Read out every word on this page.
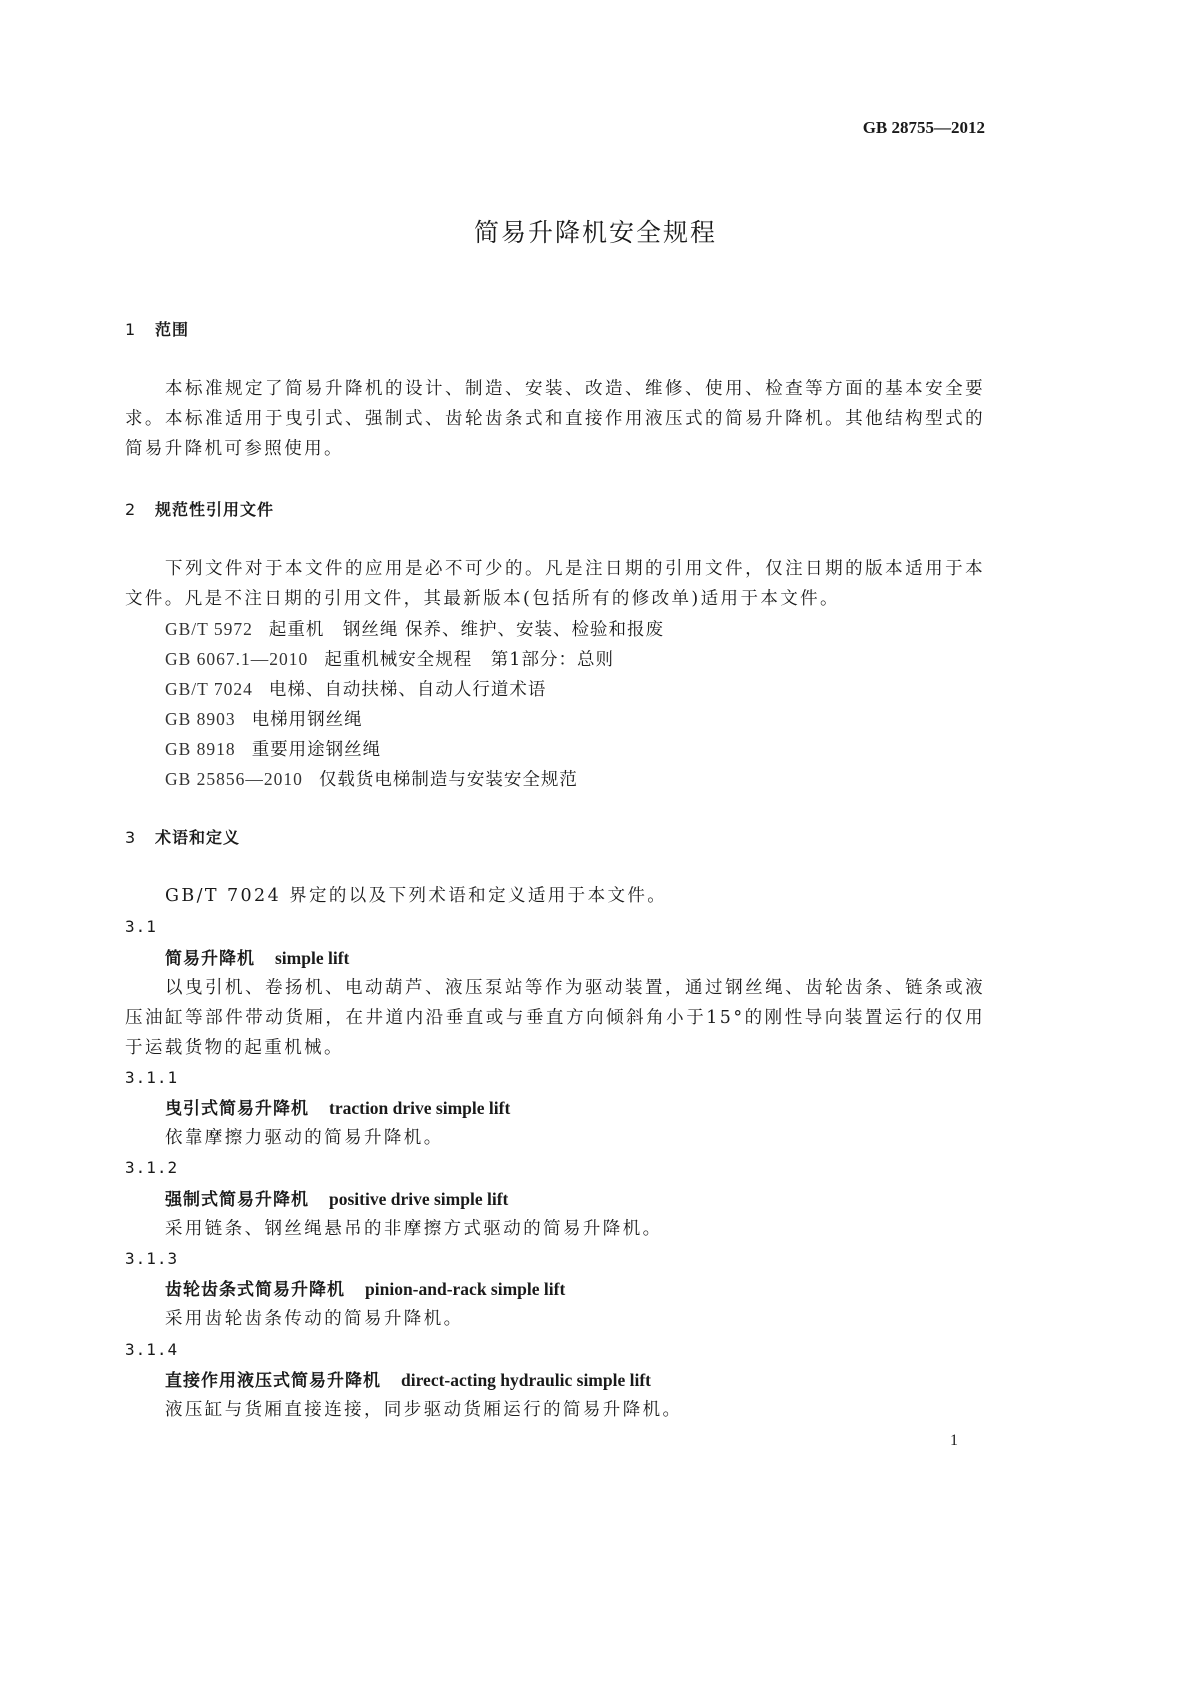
GB 28755—2012
简易升降机安全规程
1 范围
本标准规定了简易升降机的设计、制造、安装、改造、维修、使用、检查等方面的基本安全要求。 本标准适用于曳引式、强制式、齿轮齿条式和直接作用液压式的简易升降机。其他结构型式的简易升降机可参照使用。
2 规范性引用文件
下列文件对于本文件的应用是必不可少的。凡是注日期的引用文件，仅注日期的版本适用于本文件。凡是不注日期的引用文件，其最新版本(包括所有的修改单)适用于本文件。
GB/T 5972 起重机　钢丝绳 保养、维护、安装、检验和报废
GB 6067.1—2010 起重机械安全规程　第1部分：总则
GB/T 7024 电梯、自动扶梯、自动人行道术语
GB 8903 电梯用钢丝绳
GB 8918 重要用途钢丝绳
GB 25856—2010 仅载货电梯制造与安装安全规范
3 术语和定义
GB/T 7024 界定的以及下列术语和定义适用于本文件。
3.1
简易升降机 simple lift
以曳引机、卷扬机、电动葫芦、液压泵站等作为驱动装置，通过钢丝绳、齿轮齿条、链条或液压油缸等部件带动货厢，在井道内沿垂直或与垂直方向倾斜角小于15°的刚性导向装置运行的仅用于运载货物的起重机械。
3.1.1
曳引式简易升降机 traction drive simple lift
依靠摩擦力驱动的简易升降机。
3.1.2
强制式简易升降机 positive drive simple lift
采用链条、钢丝绳悬吊的非摩擦方式驱动的简易升降机。
3.1.3
齿轮齿条式简易升降机 pinion-and-rack simple lift
采用齿轮齿条传动的简易升降机。
3.1.4
直接作用液压式简易升降机 direct-acting hydraulic simple lift
液压缸与货厢直接连接，同步驱动货厢运行的简易升降机。
1
